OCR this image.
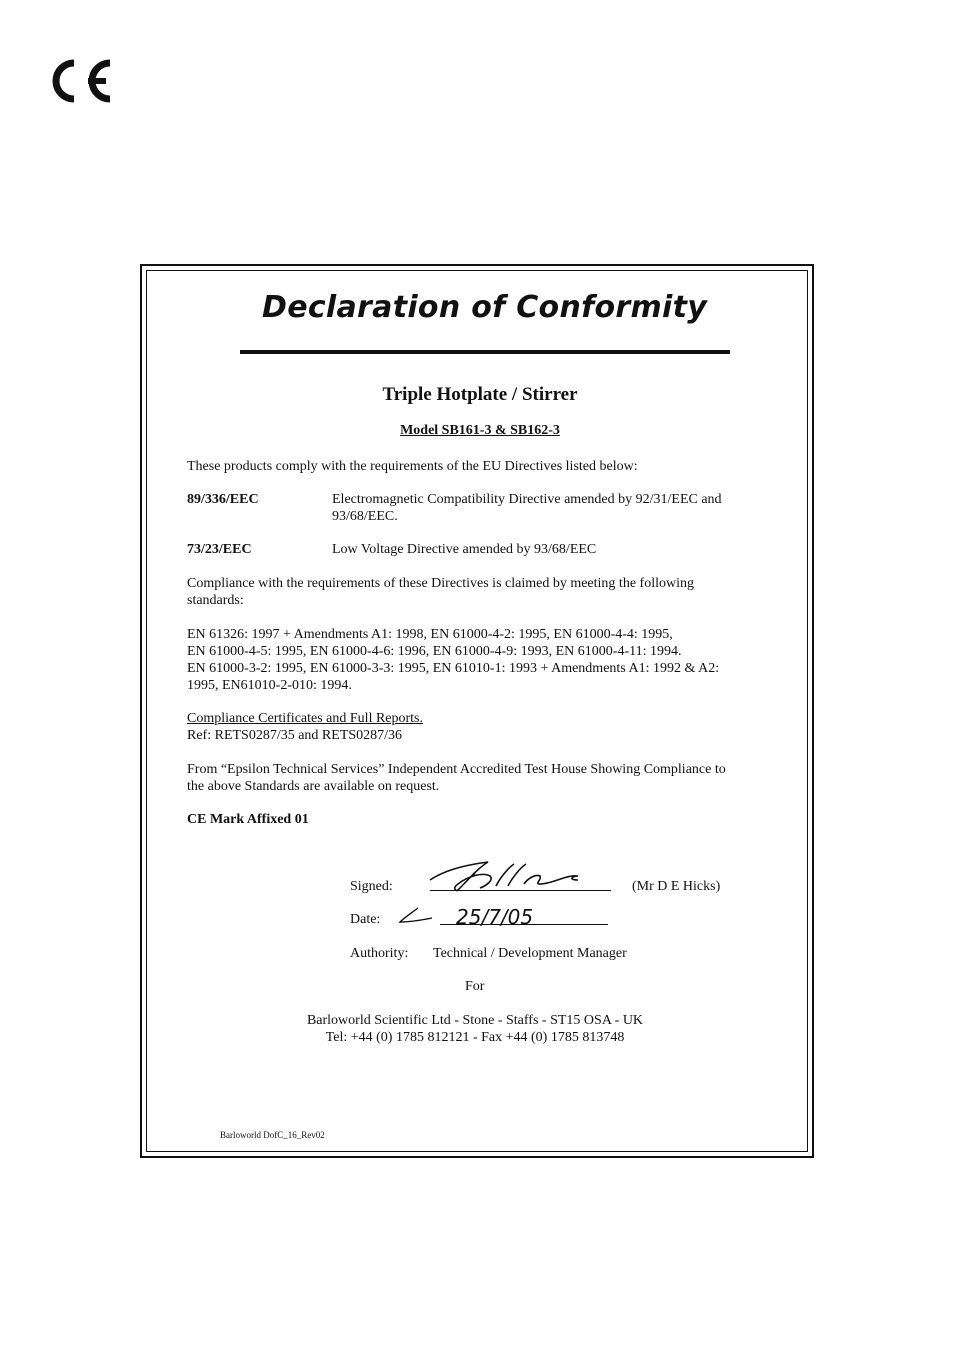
Declaration of Conformity
Triple Hotplate / Stirrer
Model SB161-3 & SB162-3
These products comply with the requirements of the EU Directives listed below:
89/336/EEC	Electromagnetic Compatibility Directive amended by 92/31/EEC and
93/68/EEC.
73/23/EEC	Low Voltage Directive amended by 93/68/EEC
Compliance with the requirements of these Directives is claimed by meeting the following
standards:
EN 61326: 1997 + Amendments A1: 1998, EN 61000-4-2: 1995, EN 61000-4-4: 1995,
EN 61000-4-5: 1995, EN 61000-4-6: 1996, EN 61000-4-9: 1993, EN 61000-4-11: 1994.
EN 61000-3-2: 1995, EN 61000-3-3: 1995, EN 61010-1: 1993 + Amendments A1: 1992 & A2:
1995, EN61010-2-010: 1994.
Compliance Certificates and Full Reports.
Ref: RETS0287/35 and RETS0287/36
From “Epsilon Technical Services” Independent Accredited Test House Showing Compliance to
the above Standards are available on request.
CE Mark Affixed 01
Signed:	(Mr D E Hicks)
Date:	25/7/05
Authority: Technical / Development Manager
For
Barloworld Scientific Ltd - Stone - Staffs - ST15 OSA - UK
Tel: +44 (0) 1785 812121 - Fax +44 (0) 1785 813748
Barloworld DofC_16_Rev02
